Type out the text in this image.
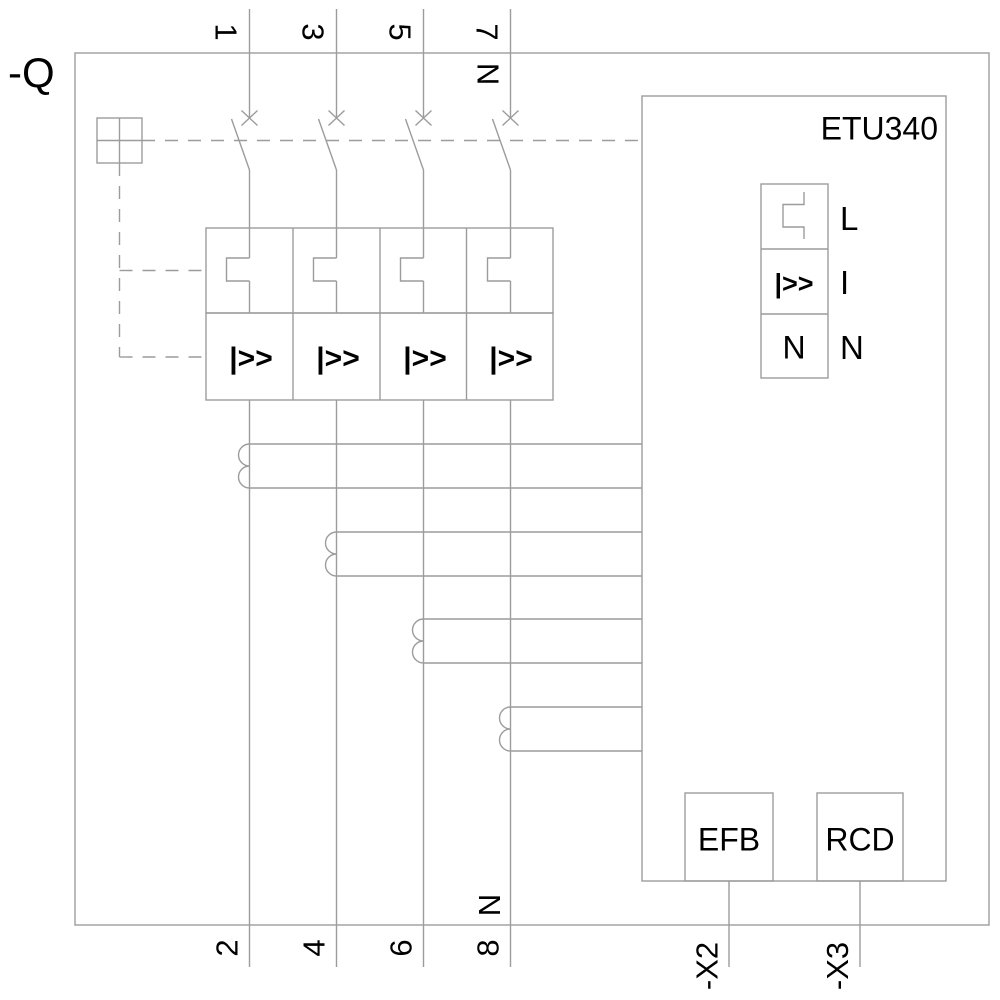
-Q
|>> |>> |>> |>>
1 3 5 7
N
N
2 4 6 8
ETU340
|>>
N
L
I
N
EFB RCD
-X2	-X3
